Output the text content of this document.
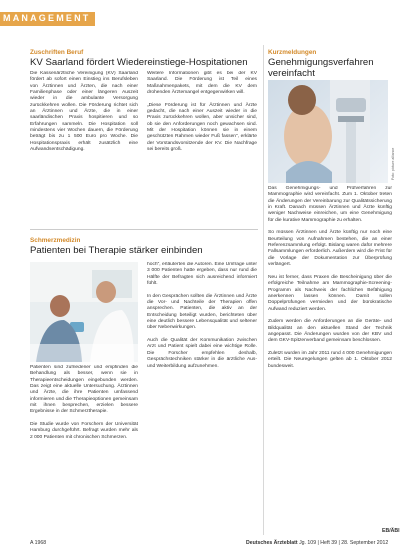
MANAGEMENT
Zuschriften Beruf
KV Saarland fördert Wiedereinstiege-Hospitationen
Die Kassenärztliche Vereinigung (KV) Saarland fördert ab sofort einen Einstieg ins Berufsleben von Ärztinnen und Ärzten, die nach einer Familienphase oder einer längeren Auszeit wieder in die ambulante Versorgung zurückkehren wollen. Die Förderung richtet sich an Ärztinnen und Ärzte, die in einer saarländischen Praxis hospitieren und so Erfahrungen sammeln. Die Hospitation soll mindestens vier Wochen dauern, die Förderung beträgt bis zu 1 500 Euro pro Woche. Die Hospitationspraxis erhält zusätzlich eine Aufwandsentschädigung.
Weitere Informationen gibt es bei der KV Saarland. Die Förderung ist Teil eines Maßnahmenpakets, mit dem die KV dem drohenden Ärztemangel entgegenwirken will.

„Diese Förderung ist für Ärztinnen und Ärzte gedacht, die nach einer Auszeit wieder in die Praxis zurückkehren wollen, aber unsicher sind, ob sie den Anforderungen noch gewachsen sind. Mit der Hospitation können sie in einem geschützten Rahmen wieder Fuß fassen“, erklärte der Vorstandsvorsitzende der KV. Die Nachfrage sei bereits groß.
Kurzmeldungen
Genehmigungsverfahren vereinfacht
Foto: picture alliance
Das Genehmigungs- und Prüfverfahren zur Mammographie wird vereinfacht. Zum 1. Oktober treten die Änderungen der Vereinbarung zur Qualitätssicherung in Kraft. Danach müssen Ärztinnen und Ärzte künftig weniger Nachweise einreichen, um eine Genehmigung für die kurative Mammographie zu erhalten.

So müssen Ärztinnen und Ärzte künftig nur noch eine Beurteilung von Aufnahmen bestehen, die an einer Referenzsammlung erfolgt. Bislang waren dafür mehrere Fallsammlungen erforderlich. Außerdem wird die Frist für die Vorlage der Dokumentation zur Überprüfung verlängert.

Neu ist ferner, dass Praxen die Bescheinigung über die erfolgreiche Teilnahme am Mammographie-Screening-Programm als Nachweis der fachlichen Befähigung anerkennen lassen können. Damit sollen Doppelprüfungen vermieden und der bürokratische Aufwand reduziert werden.

Zudem werden die Anforderungen an die Geräte- und Bildqualität an den aktuellen Stand der Technik angepasst. Die Änderungen wurden von der KBV und dem GKV-Spitzenverband gemeinsam beschlossen.

Zuletzt wurden im Jahr 2011 rund 4 000 Genehmigungen erteilt. Die Neuregelungen gelten ab 1. Oktober 2012 bundesweit.
EB/ÄBl
Schmerzmedizin
Patienten bei Therapie stärker einbinden
Patienten sind zufriedener und empfinden die Behandlung als besser, wenn sie in Therapieentscheidungen eingebunden werden. Das zeigt eine aktuelle Untersuchung. Ärztinnen und Ärzte, die ihre Patienten umfassend informieren und die Therapieoptionen gemeinsam mit ihnen besprechen, erzielen bessere Ergebnisse in der Schmerztherapie.

Die Studie wurde von Forschern der Universität Hamburg durchgeführt. Befragt wurden mehr als 2 000 Patienten mit chronischen Schmerzen.
hoch“, erläuterten die Autoren. Eine Umfrage unter 3 000 Patienten hatte ergeben, dass nur rund die Hälfte der Befragten sich ausreichend informiert fühlt.

In den Gesprächen sollten die Ärztinnen und Ärzte die Vor- und Nachteile der Therapien offen ansprechen. Patienten, die aktiv an der Entscheidung beteiligt wurden, berichteten über eine deutlich bessere Lebensqualität und seltener über Nebenwirkungen.

Auch die Qualität der Kommunikation zwischen Arzt und Patient spielt dabei eine wichtige Rolle. Die Forscher empfehlen deshalb, Gesprächstechniken stärker in die ärztliche Aus- und Weiterbildung aufzunehmen.
A 1968	Deutsches Ärzteblatt Jg. 109 | Heft 39 | 28. September 2012
